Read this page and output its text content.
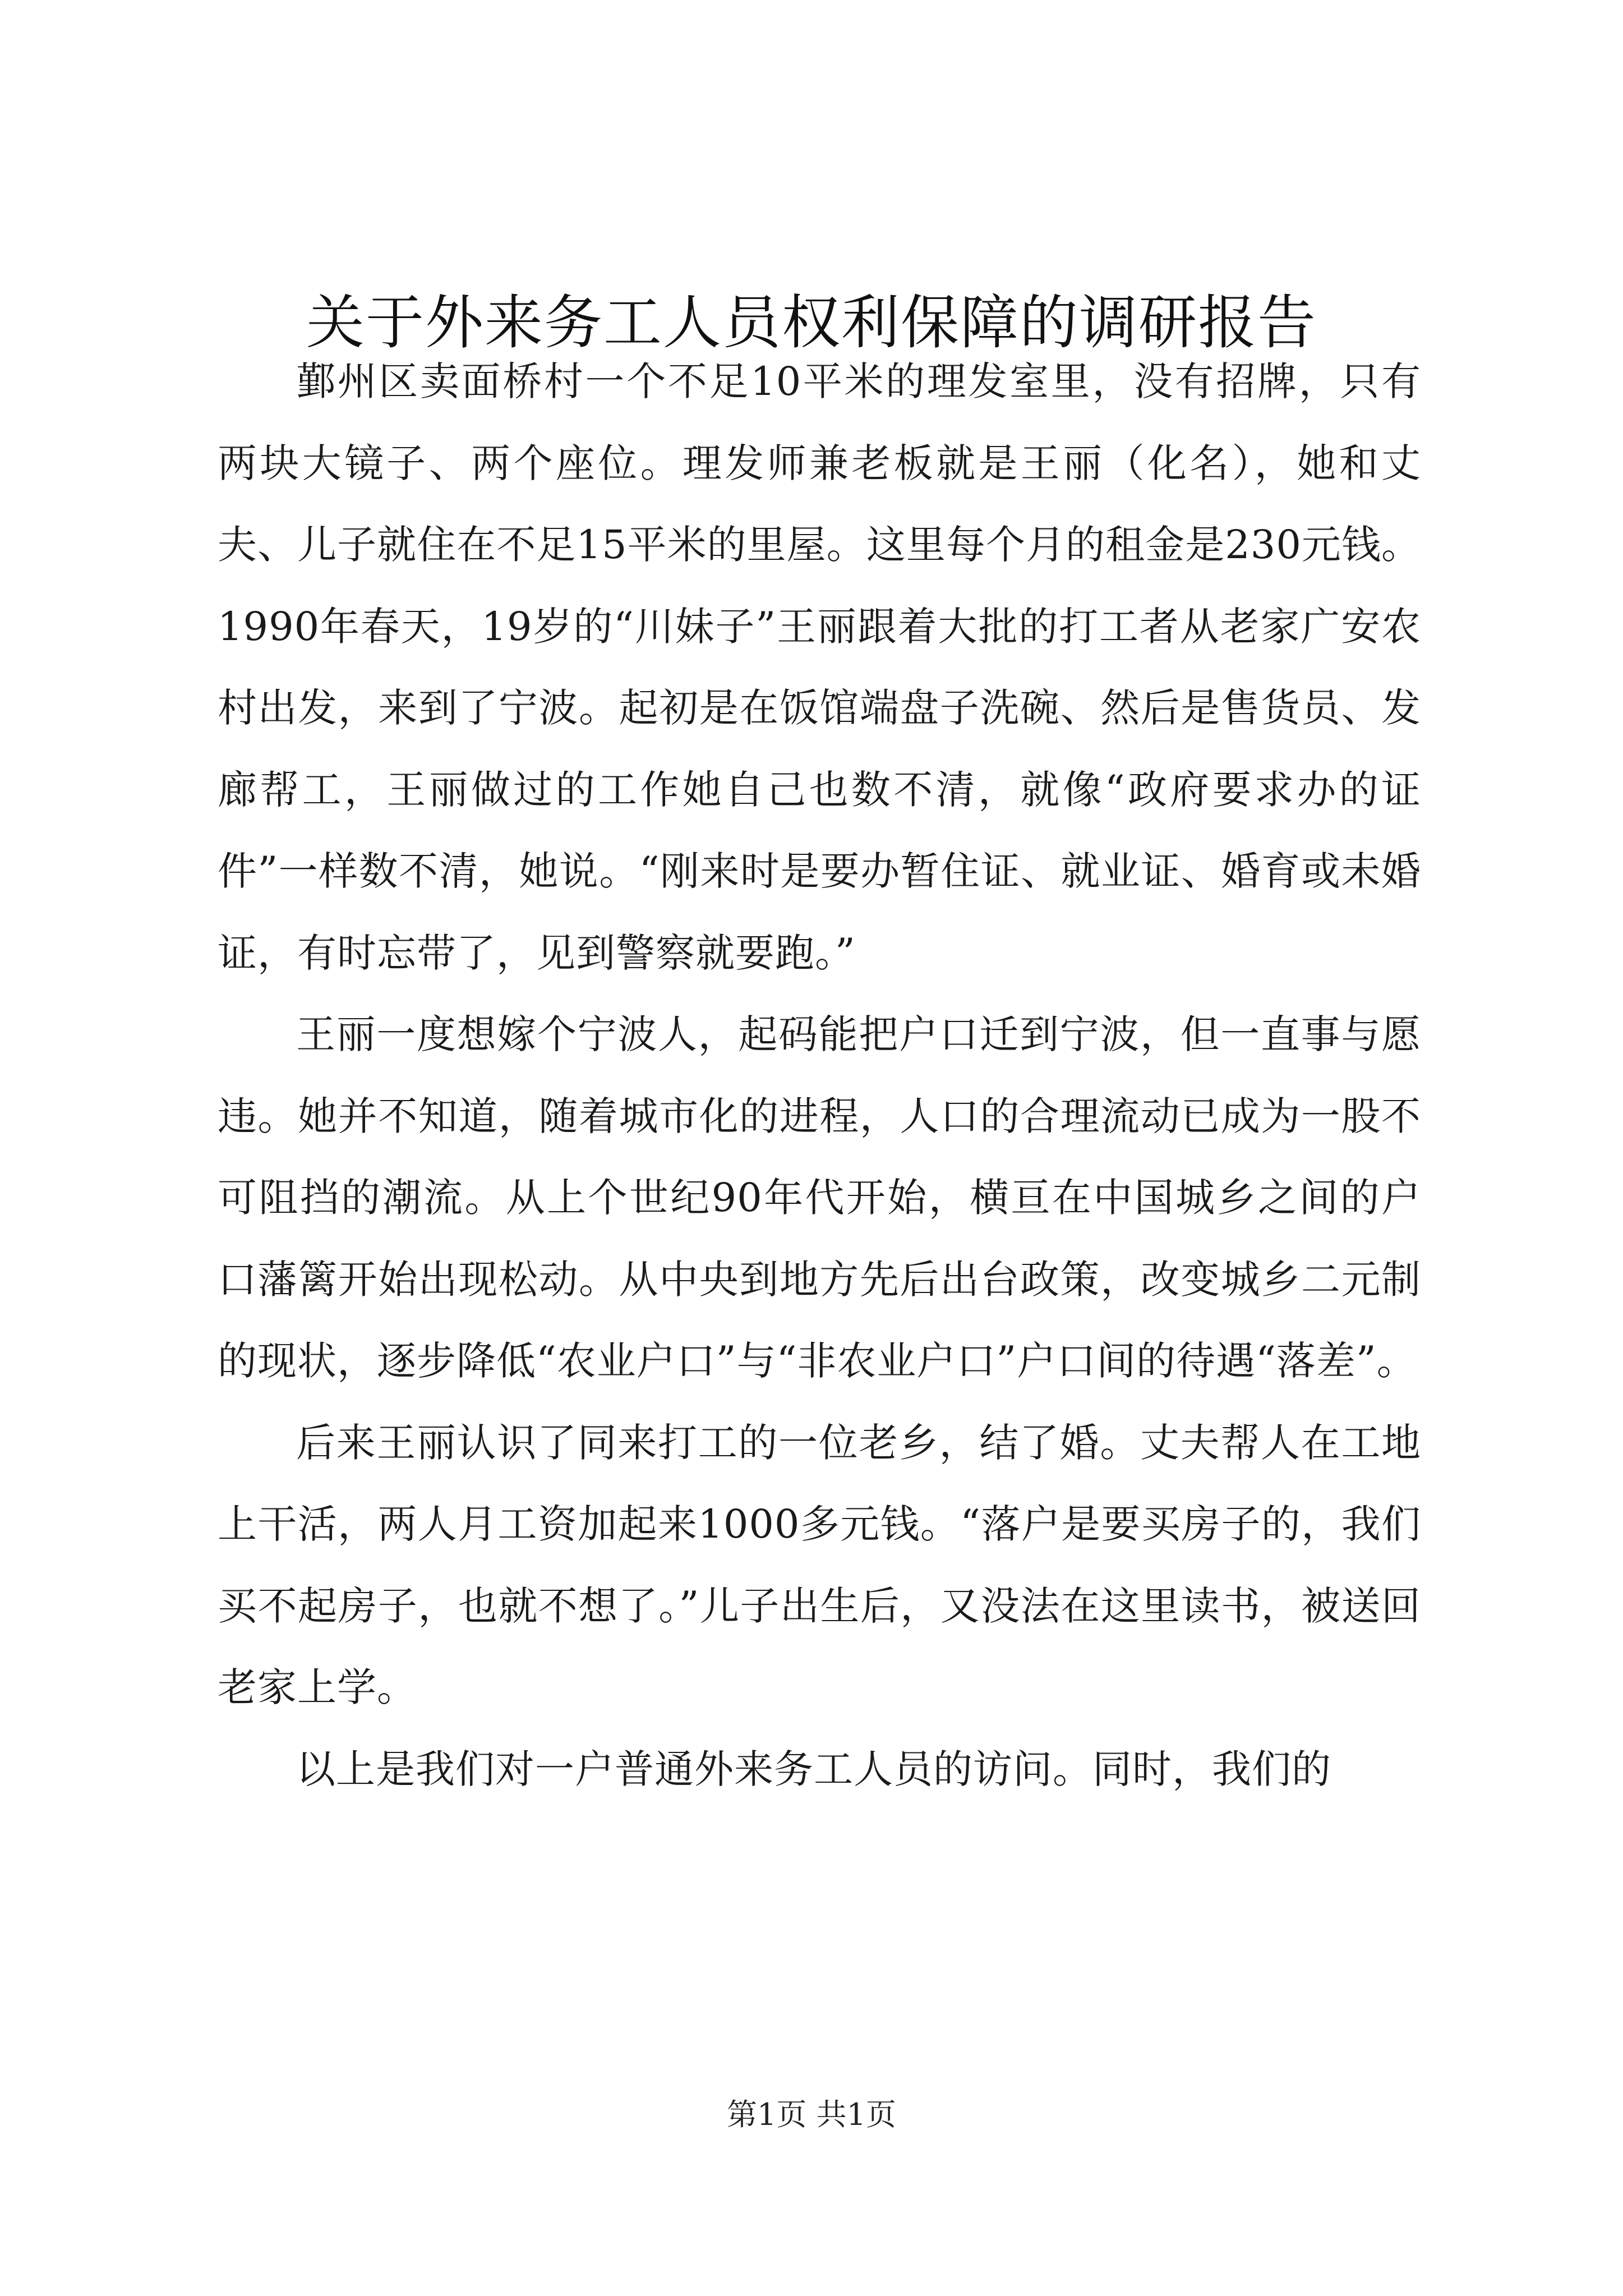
关于外来务工人员权利保障的调研报告

鄞州区卖面桥村一个不足10平米的理发室里，没有招牌，只有两块大镜子、两个座位。理发师兼老板就是王丽（化名），她和丈夫、儿子就住在不足15平米的里屋。这里每个月的租金是230元钱。1990年春天，19岁的“川妹子”王丽跟着大批的打工者从老家广安农村出发，来到了宁波。起初是在饭馆端盘子洗碗、然后是售货员、发廊帮工，王丽做过的工作她自己也数不清，就像“政府要求办的证件”一样数不清，她说。“刚来时是要办暂住证、就业证、婚育或未婚证，有时忘带了，见到警察就要跑。”

王丽一度想嫁个宁波人，起码能把户口迁到宁波，但一直事与愿违。她并不知道，随着城市化的进程，人口的合理流动已成为一股不可阻挡的潮流。从上个世纪90年代开始，横亘在中国城乡之间的户口藩篱开始出现松动。从中央到地方先后出台政策，改变城乡二元制的现状，逐步降低“农业户口”与“非农业户口”户口间的待遇“落差”。

后来王丽认识了同来打工的一位老乡，结了婚。丈夫帮人在工地上干活，两人月工资加起来1000多元钱。“落户是要买房子的，我们买不起房子，也就不想了。”儿子出生后，又没法在这里读书，被送回老家上学。

以上是我们对一户普通外来务工人员的访问。同时，我们的

第1页 共1页
